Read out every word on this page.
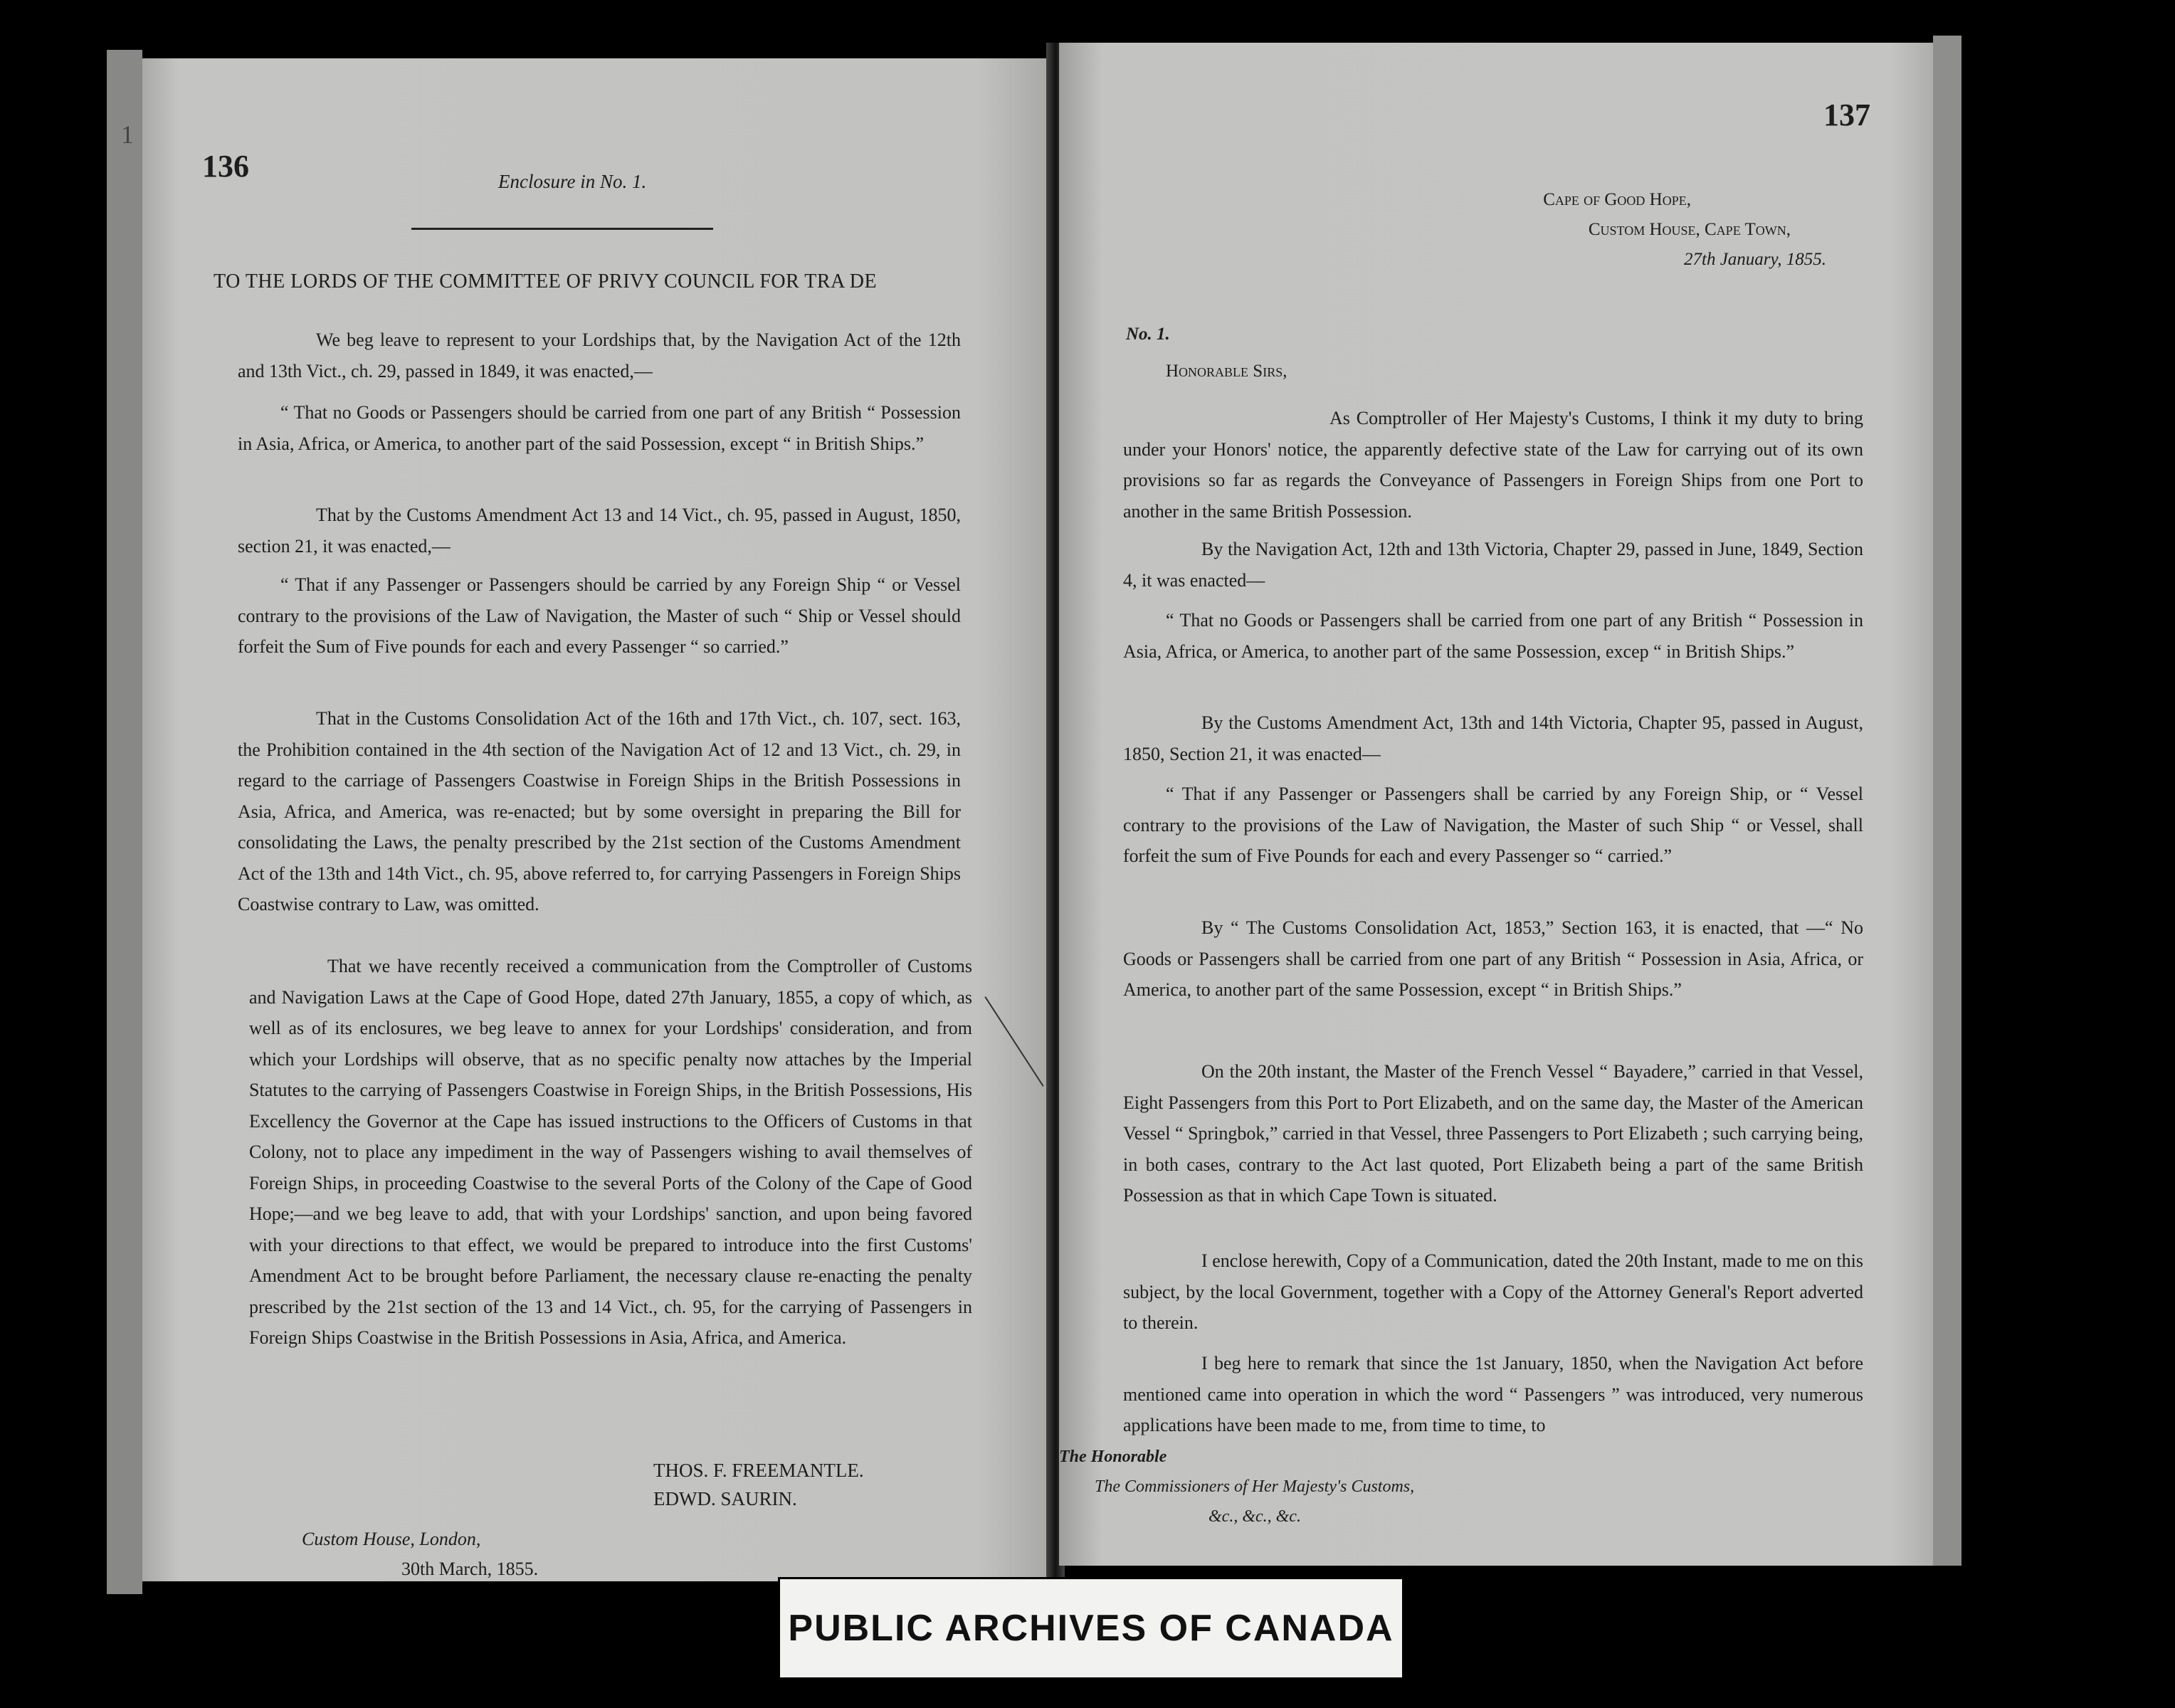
136	Enclosure in No. 1.
TO THE LORDS OF THE COMMITTEE OF PRIVY COUNCIL FOR TRA DE
We beg leave to represent to your Lordships that, by the Navigation Act of the 12th and 13th Vict., ch. 29, passed in 1849, it was enacted,—
“ That no Goods or Passengers should be carried from one part of any British “ Possession in Asia, Africa, or America, to another part of the said Possession, except “ in British Ships.”
That by the Customs Amendment Act 13 and 14 Vict., ch. 95, passed in August, 1850, section 21, it was enacted,—
“ That if any Passenger or Passengers should be carried by any Foreign Ship “ or Vessel contrary to the provisions of the Law of Navigation, the Master of such “ Ship or Vessel should forfeit the Sum of Five pounds for each and every Passenger “ so carried.”
That in the Customs Consolidation Act of the 16th and 17th Vict., ch. 107, sect. 163, the Prohibition contained in the 4th section of the Navigation Act of 12 and 13 Vict., ch. 29, in regard to the carriage of Passengers Coastwise in Foreign Ships in the British Possessions in Asia, Africa, and America, was re-enacted; but by some oversight in preparing the Bill for consolidating the Laws, the penalty prescribed by the 21st section of the Customs Amendment Act of the 13th and 14th Vict., ch. 95, above referred to, for carrying Passengers in Foreign Ships Coastwise contrary to Law, was omitted.
That we have recently received a communication from the Comptroller of Customs and Navigation Laws at the Cape of Good Hope, dated 27th January, 1855, a copy of which, as well as of its enclosures, we beg leave to annex for your Lordships' consideration, and from which your Lordships will observe, that as no specific penalty now attaches by the Imperial Statutes to the carrying of Passengers Coastwise in Foreign Ships, in the British Possessions, His Excellency the Governor at the Cape has issued instructions to the Officers of Customs in that Colony, not to place any impediment in the way of Passengers wishing to avail themselves of Foreign Ships, in proceeding Coastwise to the several Ports of the Colony of the Cape of Good Hope;—and we beg leave to add, that with your Lordships' sanction, and upon being favored with your directions to that effect, we would be prepared to introduce into the first Customs' Amendment Act to be brought before Parliament, the necessary clause re-enacting the penalty prescribed by the 21st section of the 13 and 14 Vict., ch. 95, for the carrying of Passengers in Foreign Ships Coastwise in the British Possessions in Asia, Africa, and America.
THOS. F. FREEMANTLE.
EDWD. SAURIN.
Custom House, London,
30th March, 1855.
1
137
Cape of Good Hope,
Custom House, Cape Town,
27th January, 1855.
No. 1.
Honorable Sirs,
As Comptroller of Her Majesty's Customs, I think it my duty to bring under your Honors' notice, the apparently defective state of the Law for carrying out of its own provisions so far as regards the Conveyance of Passengers in Foreign Ships from one Port to another in the same British Possession.
By the Navigation Act, 12th and 13th Victoria, Chapter 29, passed in June, 1849, Section 4, it was enacted—
“ That no Goods or Passengers shall be carried from one part of any British “ Possession in Asia, Africa, or America, to another part of the same Possession, excep “ in British Ships.”
By the Customs Amendment Act, 13th and 14th Victoria, Chapter 95, passed in August, 1850, Section 21, it was enacted—
“ That if any Passenger or Passengers shall be carried by any Foreign Ship, or “ Vessel contrary to the provisions of the Law of Navigation, the Master of such Ship “ or Vessel, shall forfeit the sum of Five Pounds for each and every Passenger so “ carried.”
By “ The Customs Consolidation Act, 1853,” Section 163, it is enacted, that —“ No Goods or Passengers shall be carried from one part of any British “ Possession in Asia, Africa, or America, to another part of the same Possession, except “ in British Ships.”
On the 20th instant, the Master of the French Vessel “ Bayadere,” carried in that Vessel, Eight Passengers from this Port to Port Elizabeth, and on the same day, the Master of the American Vessel “ Springbok,” carried in that Vessel, three Passengers to Port Elizabeth ; such carrying being, in both cases, contrary to the Act last quoted, Port Elizabeth being a part of the same British Possession as that in which Cape Town is situated.
I enclose herewith, Copy of a Communication, dated the 20th Instant, made to me on this subject, by the local Government, together with a Copy of the Attorney General's Report adverted to therein.
I beg here to remark that since the 1st January, 1850, when the Navigation Act before mentioned came into operation in which the word “ Passengers ” was introduced, very numerous applications have been made to me, from time to time, to
The Honorable
The Commissioners of Her Majesty's Customs,
&c., &c., &c.
PUBLIC ARCHIVES OF CANADA
